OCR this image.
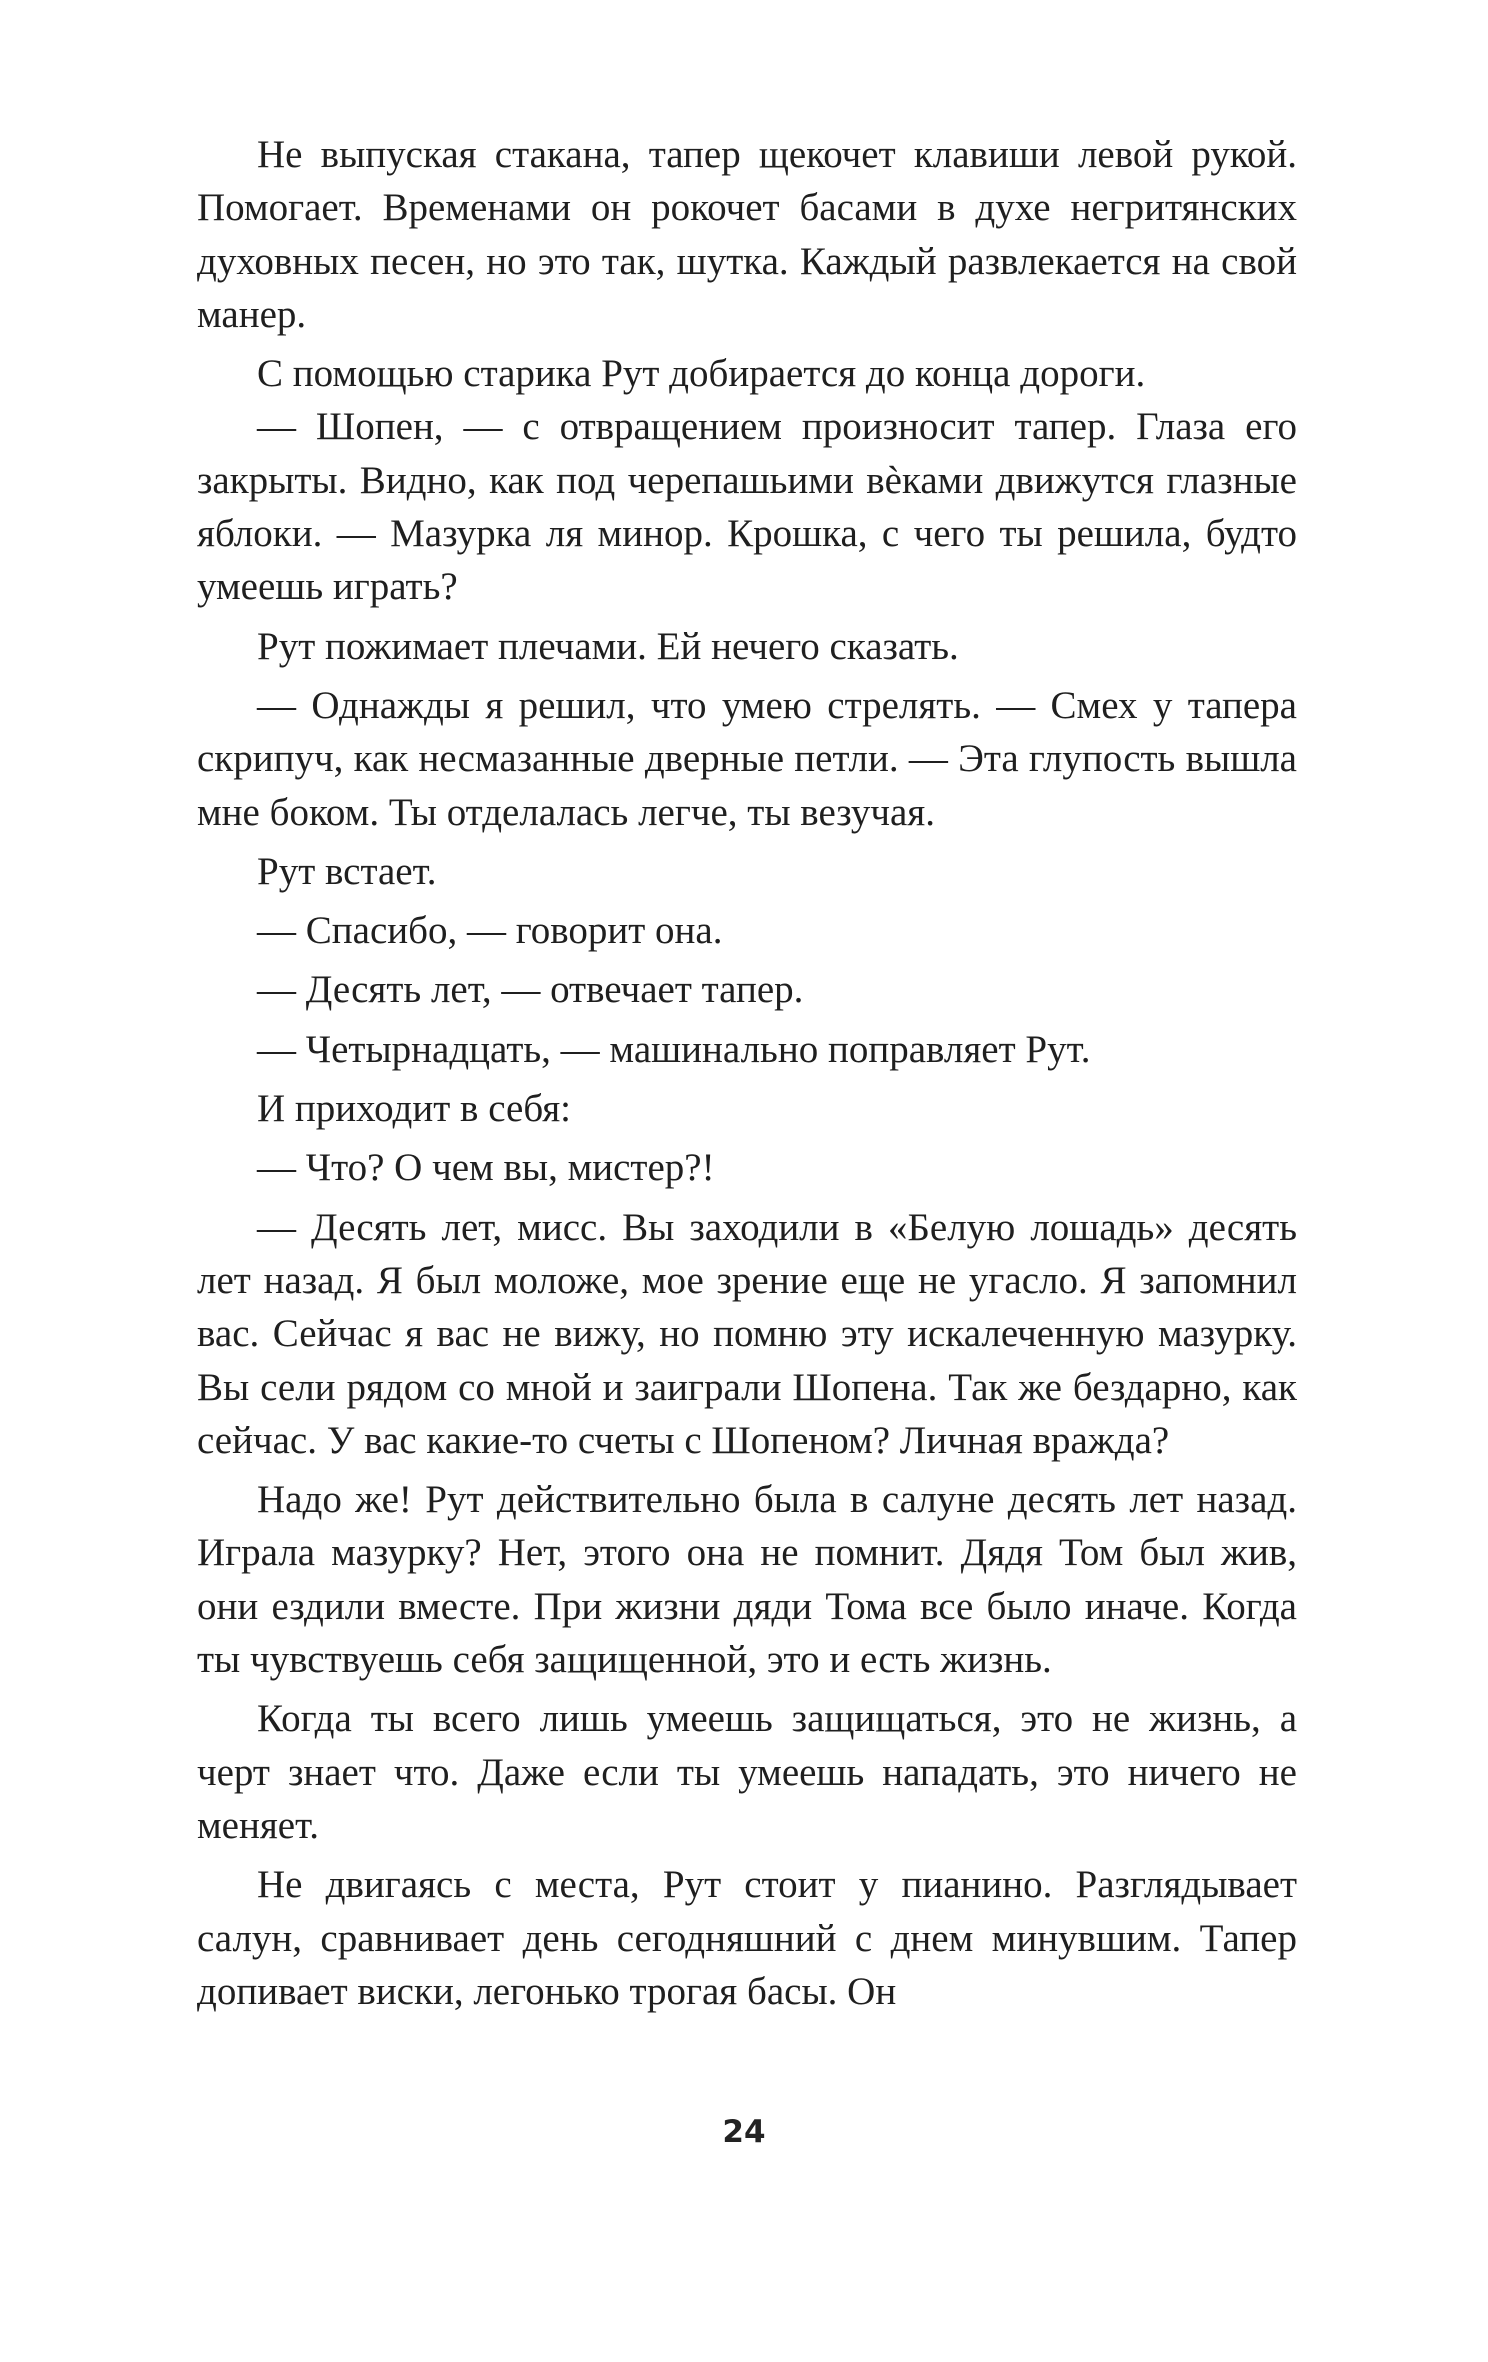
Не выпуская стакана, тапер щекочет клавиши левой рукой. Помогает. Временами он рокочет басами в духе негритянских духовных песен, но это так, шутка. Каждый развлекается на свой манер.

С помощью старика Рут добирается до конца дороги.

— Шопен, — с отвращением произносит тапер. Глаза его закрыты. Видно, как под черепашьими вѐками движутся глазные яблоки. — Мазурка ля минор. Крошка, с чего ты решила, будто умеешь играть?

Рут пожимает плечами. Ей нечего сказать.

— Однажды я решил, что умею стрелять. — Смех у тапера скрипуч, как несмазанные дверные петли. — Эта глупость вышла мне боком. Ты отделалась легче, ты везучая.

Рут встает.

— Спасибо, — говорит она.

— Десять лет, — отвечает тапер.

— Четырнадцать, — машинально поправляет Рут.

И приходит в себя:

— Что? О чем вы, мистер?!

— Десять лет, мисс. Вы заходили в «Белую лошадь» десять лет назад. Я был моложе, мое зрение еще не угасло. Я запомнил вас. Сейчас я вас не вижу, но помню эту искалеченную мазурку. Вы сели рядом со мной и заиграли Шопена. Так же бездарно, как сейчас. У вас какие-то счеты с Шопеном? Личная вражда?

Надо же! Рут действительно была в салуне десять лет назад. Играла мазурку? Нет, этого она не помнит. Дядя Том был жив, они ездили вместе. При жизни дяди Тома все было иначе. Когда ты чувствуешь себя защищенной, это и есть жизнь.

Когда ты всего лишь умеешь защищаться, это не жизнь, а черт знает что. Даже если ты умеешь нападать, это ничего не меняет.

Не двигаясь с места, Рут стоит у пианино. Разглядывает салун, сравнивает день сегодняшний с днем минувшим. Тапер допивает виски, легонько трогая басы. Он

24
